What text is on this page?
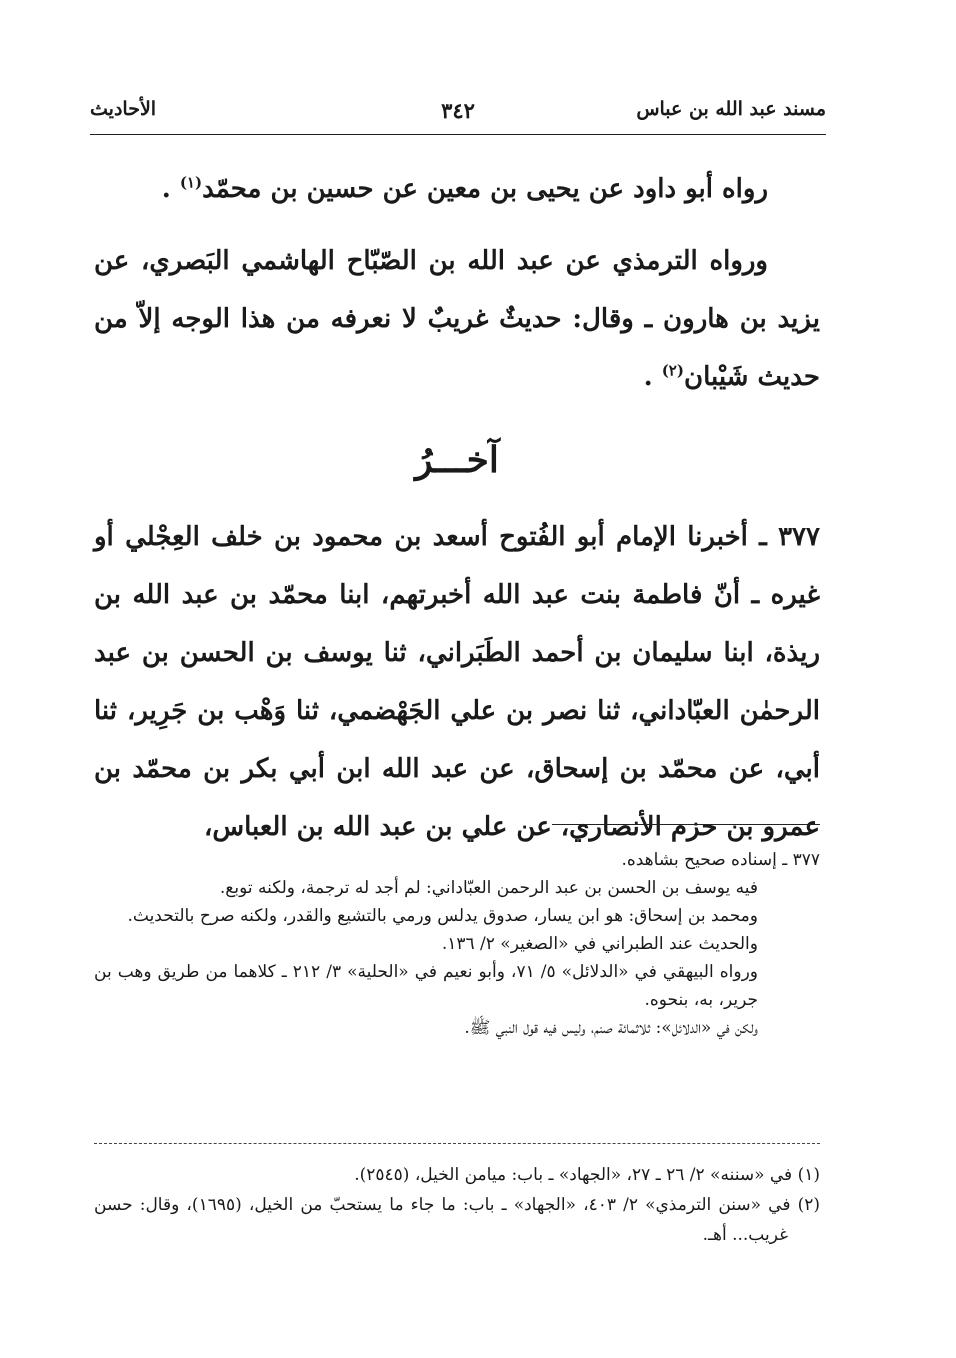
مسند عبد الله بن عباس
٣٤٢
الأحاديث

رواه أبو داود عن يحيى بن معين عن حسين بن محمّد$^{(١)}$ .

ورواه الترمذي عن عبد الله بن الصّبّاح الهاشمي البَصري، عن يزيد بن هارون ـ وقال: حديثٌ غريبٌ لا نعرفه من هذا الوجه إلاّ من حديث شَيْبان$^{(٢)}$ .

آخـــرُ

٣٧٧ ـ أخبرنا الإمام أبو الفُتوح أسعد بن محمود بن خلف العِجْلي أو غيره ـ أنّ فاطمة بنت عبد الله أخبرتهم، ابنا محمّد بن عبد الله بن ريذة، ابنا سليمان بن أحمد الطَبَراني، ثنا يوسف بن الحسن بن عبد الرحمٰن العبّاداني، ثنا نصر بن علي الجَهْضمي، ثنا وَهْب بن جَرِير، ثنا أبي، عن محمّد بن إسحاق، عن عبد الله ابن أبي بكر بن محمّد بن عمرو بن حزم الأنصاري، عن علي بن عبد الله بن العباس،

٣٧٧ ـ إسناده صحيح بشاهده.

فيه يوسف بن الحسن بن عبد الرحمن العبّاداني: لم أجد له ترجمة، ولكنه توبع.

ومحمد بن إسحاق: هو ابن يسار، صدوق يدلس ورمي بالتشيع والقدر، ولكنه صرح بالتحديث.

والحديث عند الطبراني في «الصغير» ٢/ ١٣٦.

ورواه البيهقي في «الدلائل» ٥/ ٧١، وأبو نعيم في «الحلية» ٣/ ٢١٢ ـ كلاهما من طريق وهب بن جرير، به، بنحوه.

ولكن في «الدلائل»: ثلاثمائة صنم، وليس فيه قول النبي ﷺ.

(١) في «سننه» ٢/ ٢٦ ـ ٢٧، «الجهاد» ـ باب: ميامن الخيل، (٢٥٤٥).

(٢) في «سنن الترمذي» ٢/ ٤٠٣، «الجهاد» ـ باب: ما جاء ما يستحبّ من الخيل، (١٦٩٥)، وقال: حسن غريب... أهـ.
